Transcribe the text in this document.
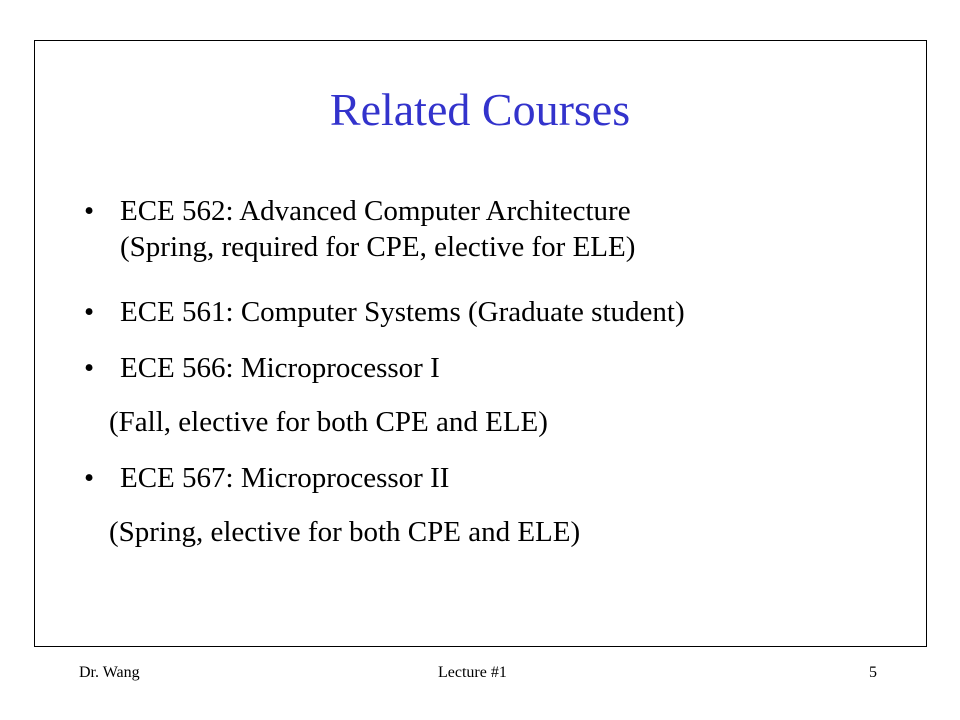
Related Courses
• ECE 562: Advanced Computer Architecture
(Spring, required for CPE, elective for ELE)
• ECE 561: Computer Systems (Graduate student)
• ECE 566: Microprocessor I
(Fall, elective for both CPE and ELE)
• ECE 567: Microprocessor II
(Spring, elective for both CPE and ELE)
Dr. Wang	Lecture #1	5
